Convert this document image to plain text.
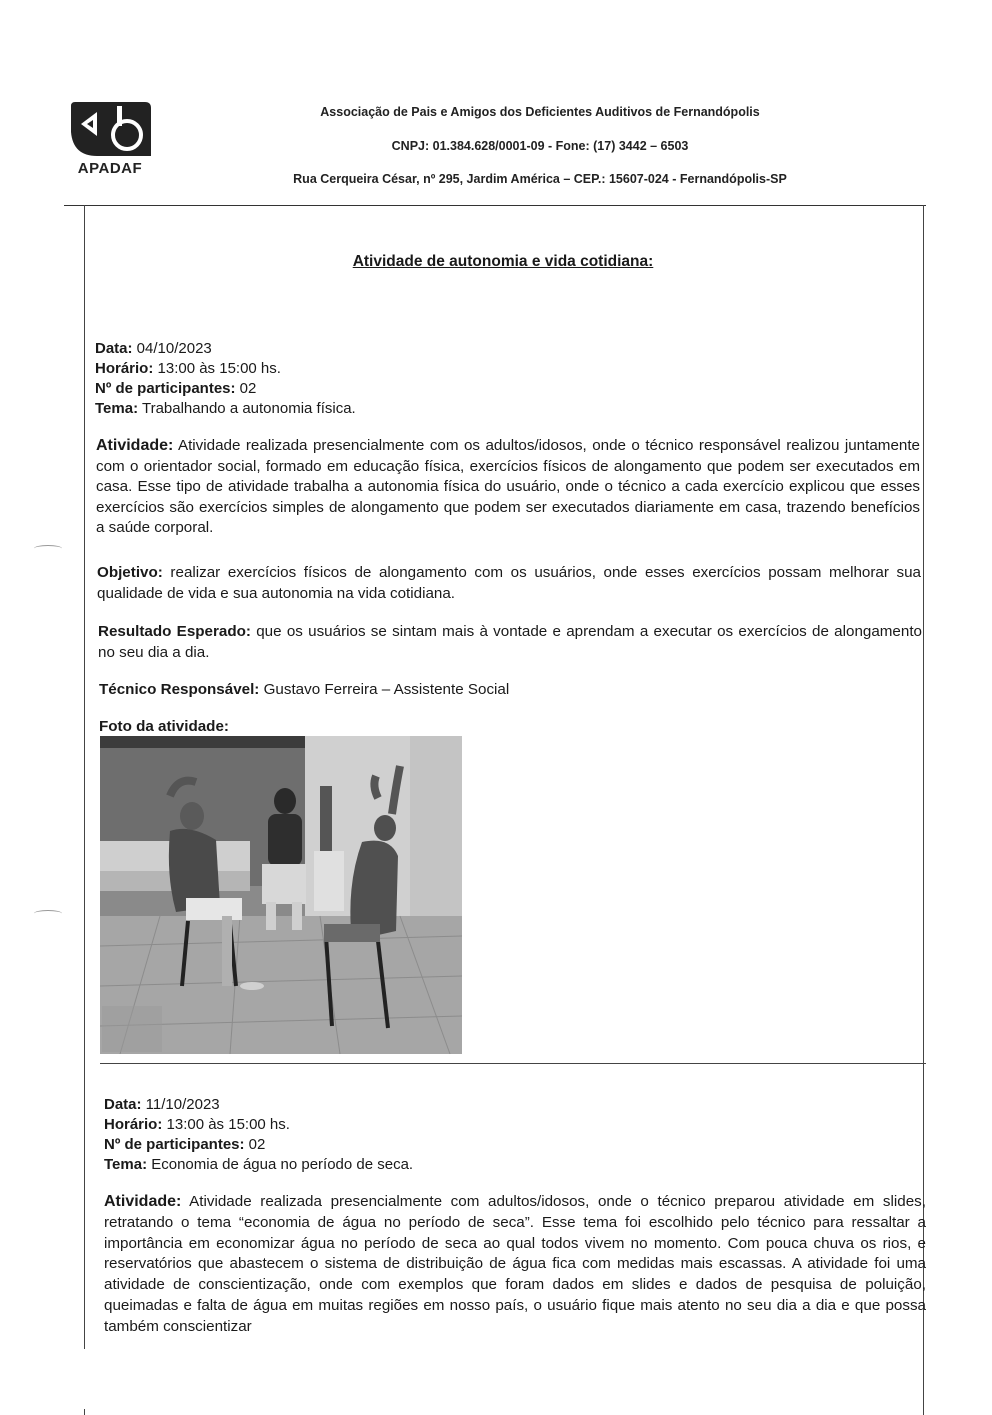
APADAF
Associação de Pais e Amigos dos Deficientes Auditivos de Fernandópolis
CNPJ: 01.384.628/0001-09 - Fone: (17) 3442 – 6503
Rua Cerqueira César, nº 295, Jardim América – CEP.: 15607-024 - Fernandópolis-SP
Atividade de autonomia e vida cotidiana:
Data: 04/10/2023
Horário: 13:00 às 15:00 hs.
Nº de participantes: 02
Tema: Trabalhando a autonomia física.
Atividade: Atividade realizada presencialmente com os adultos/idosos, onde o técnico responsável realizou juntamente com o orientador social, formado em educação física, exercícios físicos de alongamento que podem ser executados em casa. Esse tipo de atividade trabalha a autonomia física do usuário, onde o técnico a cada exercício explicou que esses exercícios são exercícios simples de alongamento que podem ser executados diariamente em casa, trazendo benefícios a saúde corporal.
Objetivo: realizar exercícios físicos de alongamento com os usuários, onde esses exercícios possam melhorar sua qualidade de vida e sua autonomia na vida cotidiana.
Resultado Esperado: que os usuários se sintam mais à vontade e aprendam a executar os exercícios de alongamento no seu dia a dia.
Técnico Responsável: Gustavo Ferreira – Assistente Social
Foto da atividade:
Data: 11/10/2023
Horário: 13:00 às 15:00 hs.
Nº de participantes: 02
Tema: Economia de água no período de seca.
Atividade: Atividade realizada presencialmente com adultos/idosos, onde o técnico preparou atividade em slides, retratando o tema “economia de água no período de seca”. Esse tema foi escolhido pelo técnico para ressaltar a importância em economizar água no período de seca ao qual todos vivem no momento. Com pouca chuva os rios, e reservatórios que abastecem o sistema de distribuição de água fica com medidas mais escassas. A atividade foi uma atividade de conscientização, onde com exemplos que foram dados em slides e dados de pesquisa de poluição, queimadas e falta de água em muitas regiões em nosso país, o usuário fique mais atento no seu dia a dia e que possa também conscientizar
